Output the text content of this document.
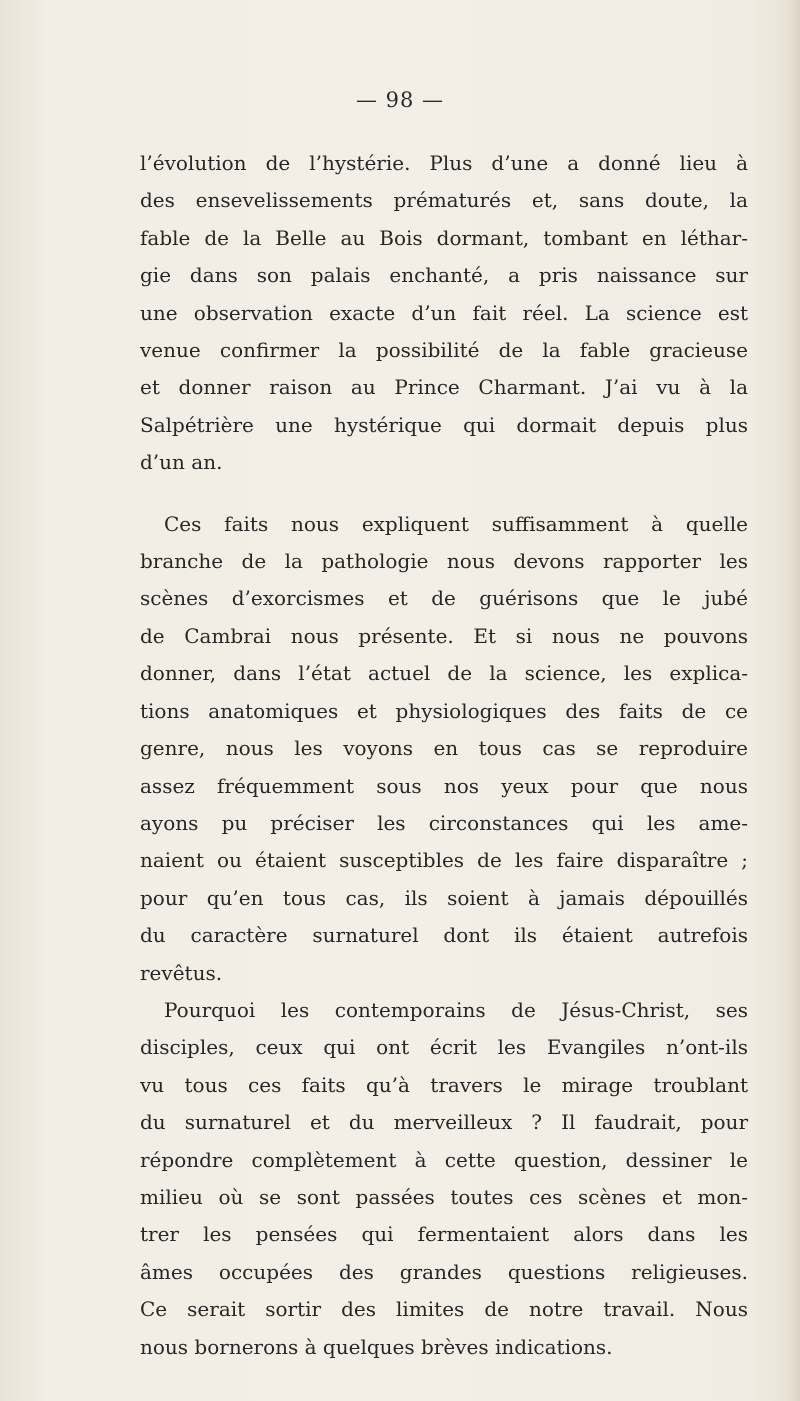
— 98 —

l’évolution de l’hystérie. Plus d’une a donné lieu à
des ensevelissements prématurés et, sans doute, la
fable de la Belle au Bois dormant, tombant en léthar-
gie dans son palais enchanté, a pris naissance sur
une observation exacte d’un fait réel. La science est
venue confirmer la possibilité de la fable gracieuse
et donner raison au Prince Charmant. J’ai vu à la
Salpétrière une hystérique qui dormait depuis plus
d’un an.

Ces faits nous expliquent suffisamment à quelle
branche de la pathologie nous devons rapporter les
scènes d’exorcismes et de guérisons que le jubé
de Cambrai nous présente. Et si nous ne pouvons
donner, dans l’état actuel de la science, les explica-
tions anatomiques et physiologiques des faits de ce
genre, nous les voyons en tous cas se reproduire
assez fréquemment sous nos yeux pour que nous
ayons pu préciser les circonstances qui les ame-
naient ou étaient susceptibles de les faire disparaître ;
pour qu’en tous cas, ils soient à jamais dépouillés
du caractère surnaturel dont ils étaient autrefois
revêtus.

Pourquoi les contemporains de Jésus-Christ, ses
disciples, ceux qui ont écrit les Evangiles n’ont-ils
vu tous ces faits qu’à travers le mirage troublant
du surnaturel et du merveilleux ? Il faudrait, pour
répondre complètement à cette question, dessiner le
milieu où se sont passées toutes ces scènes et mon-
trer les pensées qui fermentaient alors dans les
âmes occupées des grandes questions religieuses.
Ce serait sortir des limites de notre travail. Nous
nous bornerons à quelques brèves indications.
